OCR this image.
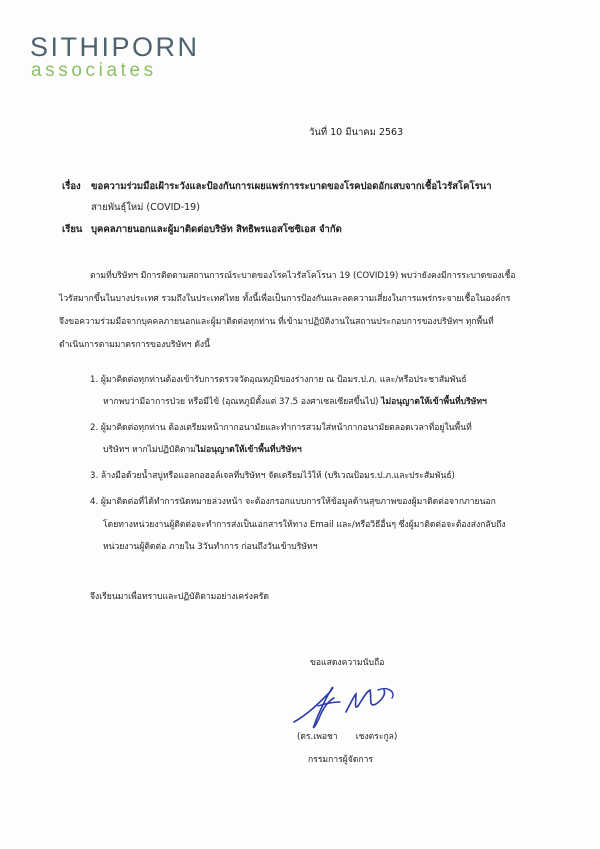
SITHIPORN
associates
วันที่ 10 มีนาคม 2563
เรื่อง ขอความร่วมมือเฝ้าระวังและป้องกันการเผยแพร่การระบาดของโรคปอดอักเสบจากเชื้อไวรัสโคโรนา
สายพันธุ์ใหม่ (COVID-19)
เรียน บุคคลภายนอกและผู้มาติดต่อบริษัท สิทธิพรแอสโซซิเอส จำกัด
ตามที่บริษัทฯ มีการติดตามสถานการณ์ระบาดของโรคไวรัสโคโรนา 19 (COVID19) พบว่ายังคงมีการระบาดของเชื้อ
ไวรัสมากขึ้นในบางประเทศ รวมถึงในประเทศไทย ทั้งนี้เพื่อเป็นการป้องกันและลดความเสี่ยงในการแพร่กระจายเชื้อในองค์กร
จึงขอความร่วมมือจากบุคคลภายนอกและผู้มาติดต่อทุกท่าน ที่เข้ามาปฏิบัติงานในสถานประกอบการของบริษัทฯ ทุกพื้นที่
ดำเนินการตามมาตรการของบริษัทฯ ดังนี้
1. ผู้มาติดต่อทุกท่านต้องเข้ารับการตรวจวัดอุณหภูมิของร่างกาย ณ ป้อมร.ป.ภ. และ/หรือประชาสัมพันธ์
หากพบว่ามีอาการป่วย หรือมีไข้ (อุณหภูมิตั้งแต่ 37.5 องศาเซลเซียสขึ้นไป) ไม่อนุญาตให้เข้าพื้นที่บริษัทฯ
2. ผู้มาติดต่อทุกท่าน ต้องเตรียมหน้ากากอนามัยและทำการสวมใส่หน้ากากอนามัยตลอดเวลาที่อยู่ในพื้นที่
บริษัทฯ หากไม่ปฏิบัติตามไม่อนุญาตให้เข้าพื้นที่บริษัทฯ
3. ล้างมือด้วยน้ำสบู่หรือแอลกอฮอล์เจลที่บริษัทฯ จัดเตรียมไว้ให้ (บริเวณป้อมร.ป.ภ.และประสัมพันธ์)
4. ผู้มาติดต่อที่ได้ทำการนัดหมายล่วงหน้า จะต้องกรอกแบบการให้ข้อมูลด้านสุขภาพของผู้มาติดต่อจากภายนอก
โดยทางหน่วยงานผู้ติดต่อจะทำการส่งเป็นเอกสารให้ทาง Email และ/หรือวิธีอื่นๆ ซึ่งผู้มาติดต่อจะต้องส่งกลับถึง
หน่วยงานผู้ติดต่อ ภายใน 3วันทำการ ก่อนถึงวันเข้าบริษัทฯ
จึงเรียนมาเพื่อทราบและปฏิบัติตามอย่างเคร่งครัด
ขอแสดงความนับถือ
(ดร.เพอชา เชงตระกูล)
กรรมการผู้จัดการ
